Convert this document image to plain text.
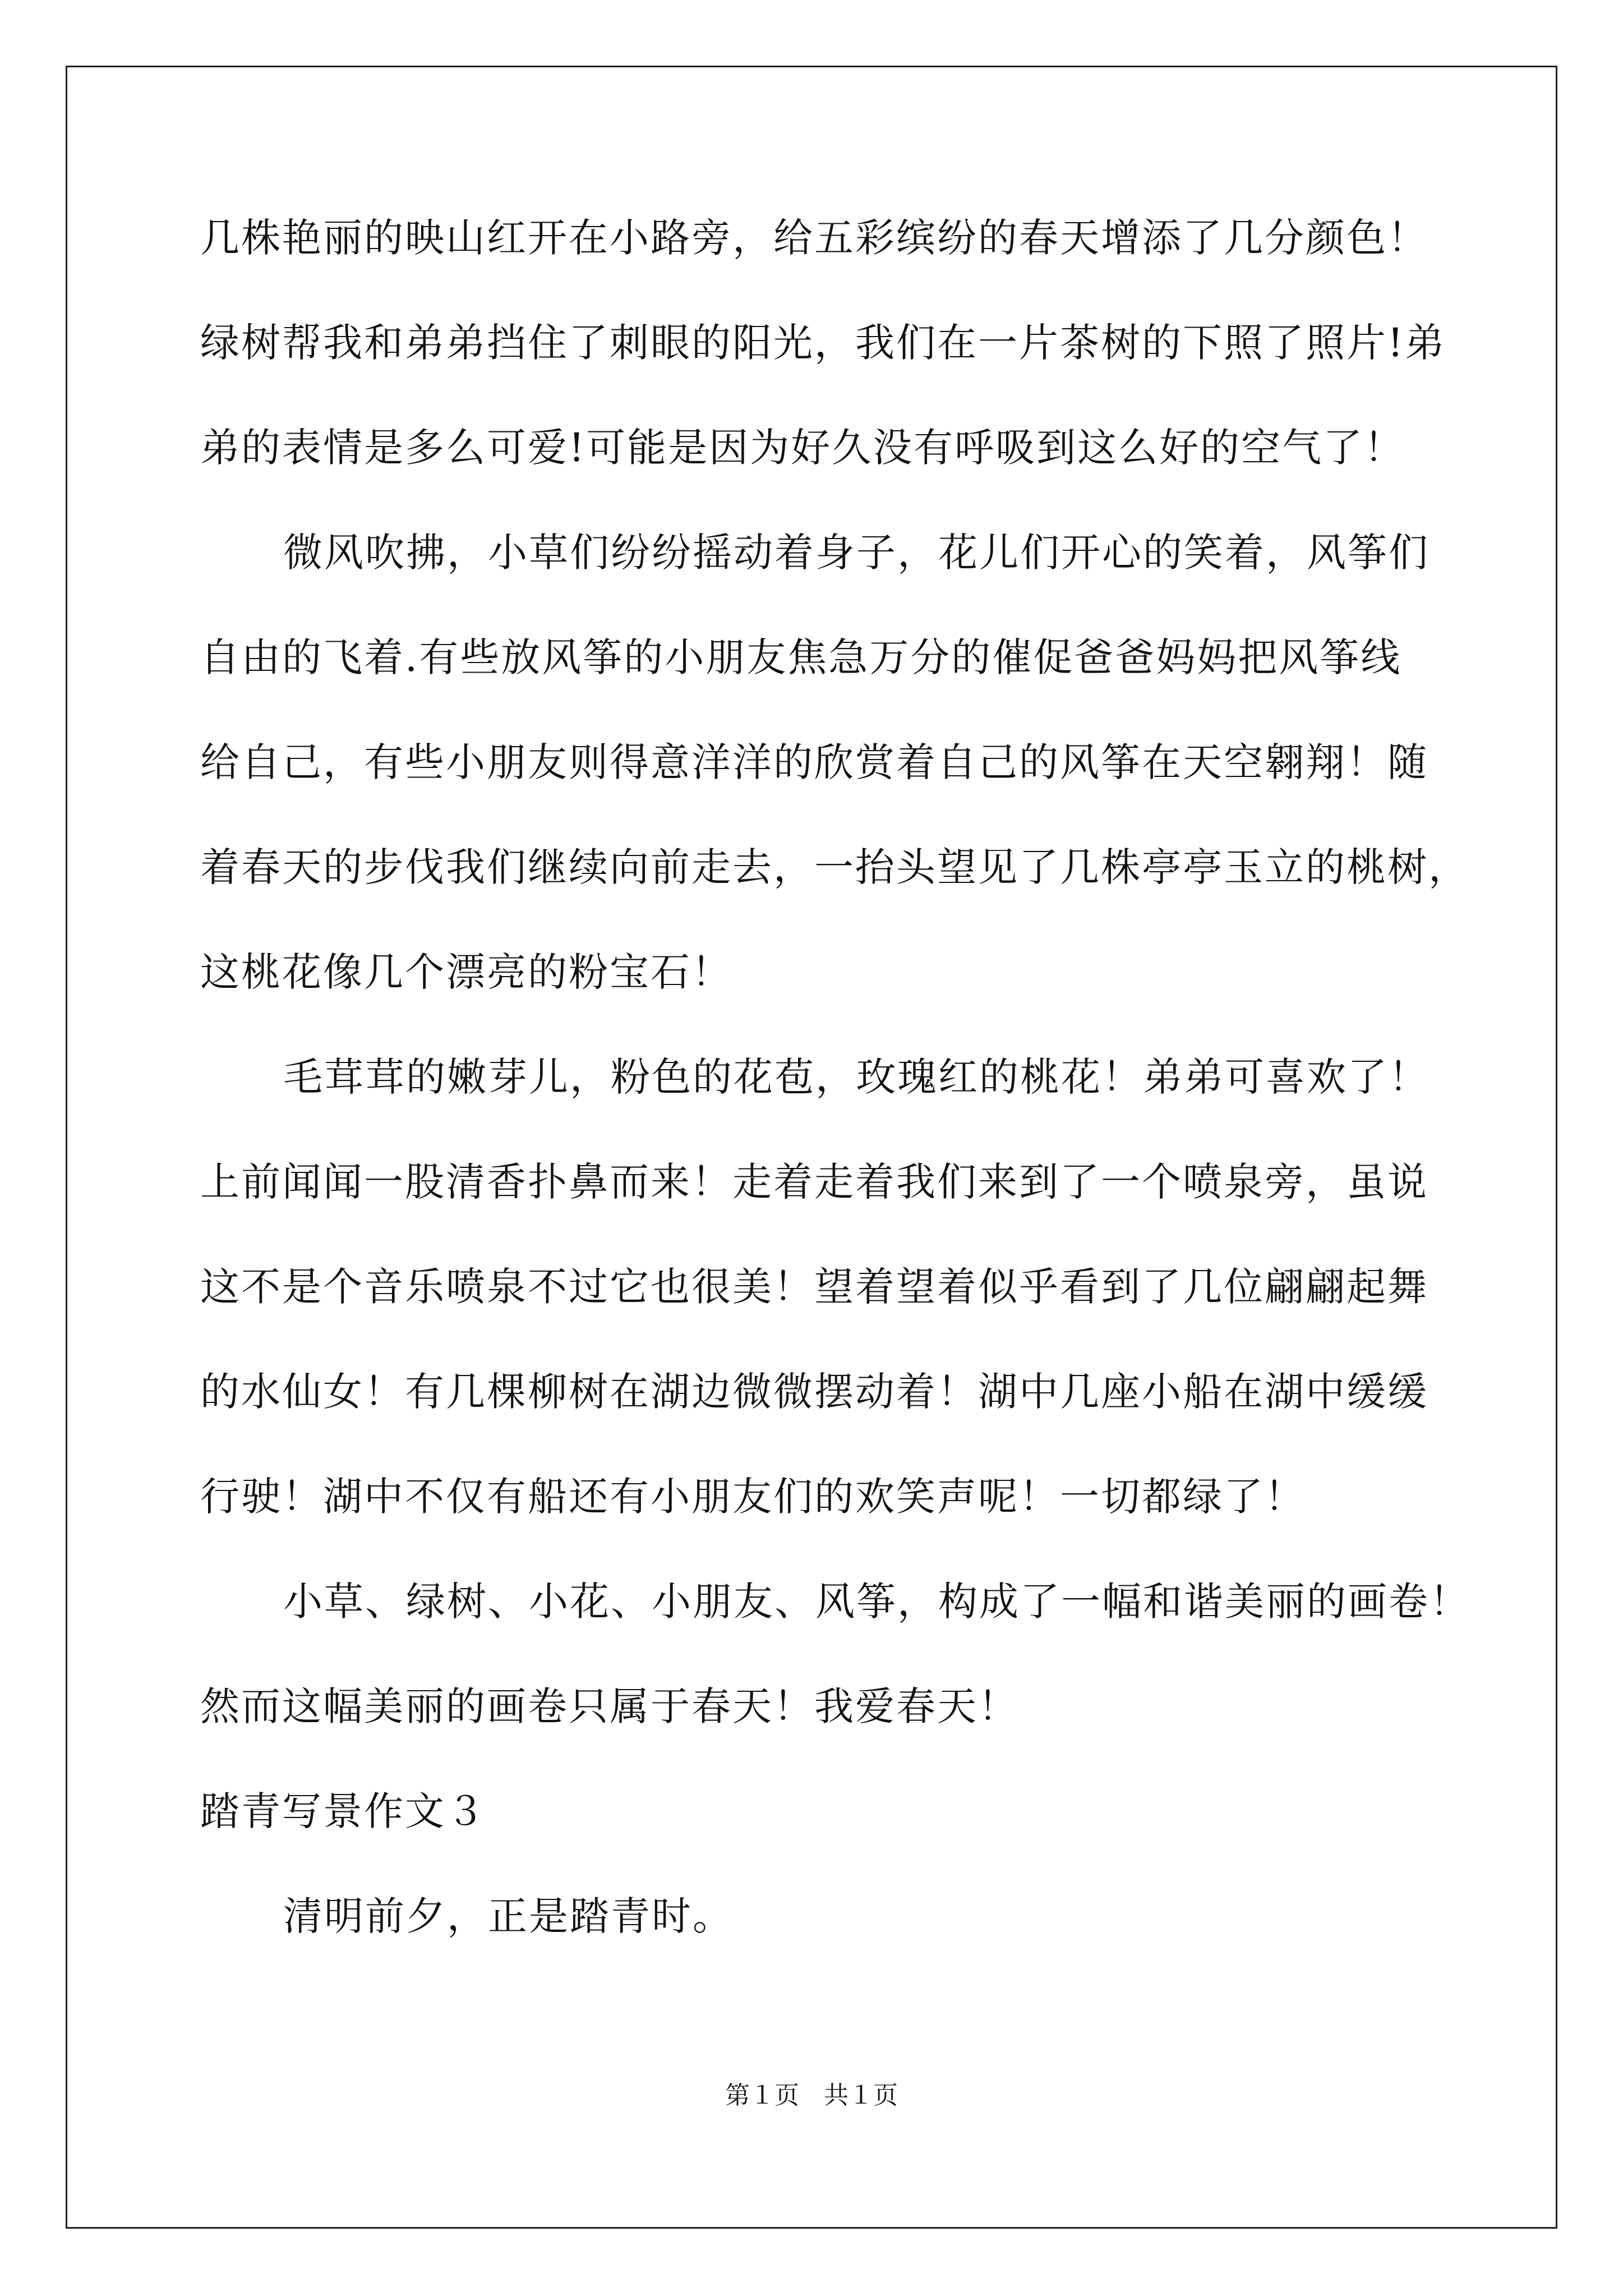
几株艳丽的映山红开在小路旁，给五彩缤纷的春天增添了几分颜色！
绿树帮我和弟弟挡住了刺眼的阳光，我们在一片茶树的下照了照片!弟
弟的表情是多么可爱!可能是因为好久没有呼吸到这么好的空气了！
微风吹拂，小草们纷纷摇动着身子，花儿们开心的笑着，风筝们
自由的飞着.有些放风筝的小朋友焦急万分的催促爸爸妈妈把风筝线
给自己，有些小朋友则得意洋洋的欣赏着自己的风筝在天空翱翔！随
着春天的步伐我们继续向前走去，一抬头望见了几株亭亭玉立的桃树，
这桃花像几个漂亮的粉宝石！
毛茸茸的嫩芽儿，粉色的花苞，玫瑰红的桃花！弟弟可喜欢了！
上前闻闻一股清香扑鼻而来！走着走着我们来到了一个喷泉旁，虽说
这不是个音乐喷泉不过它也很美！望着望着似乎看到了几位翩翩起舞
的水仙女！有几棵柳树在湖边微微摆动着！湖中几座小船在湖中缓缓
行驶！湖中不仅有船还有小朋友们的欢笑声呢！一切都绿了！
小草、绿树、小花、小朋友、风筝，构成了一幅和谐美丽的画卷！
然而这幅美丽的画卷只属于春天！我爱春天！
踏青写景作文３
清明前夕，正是踏青时。
第１页　共１页
